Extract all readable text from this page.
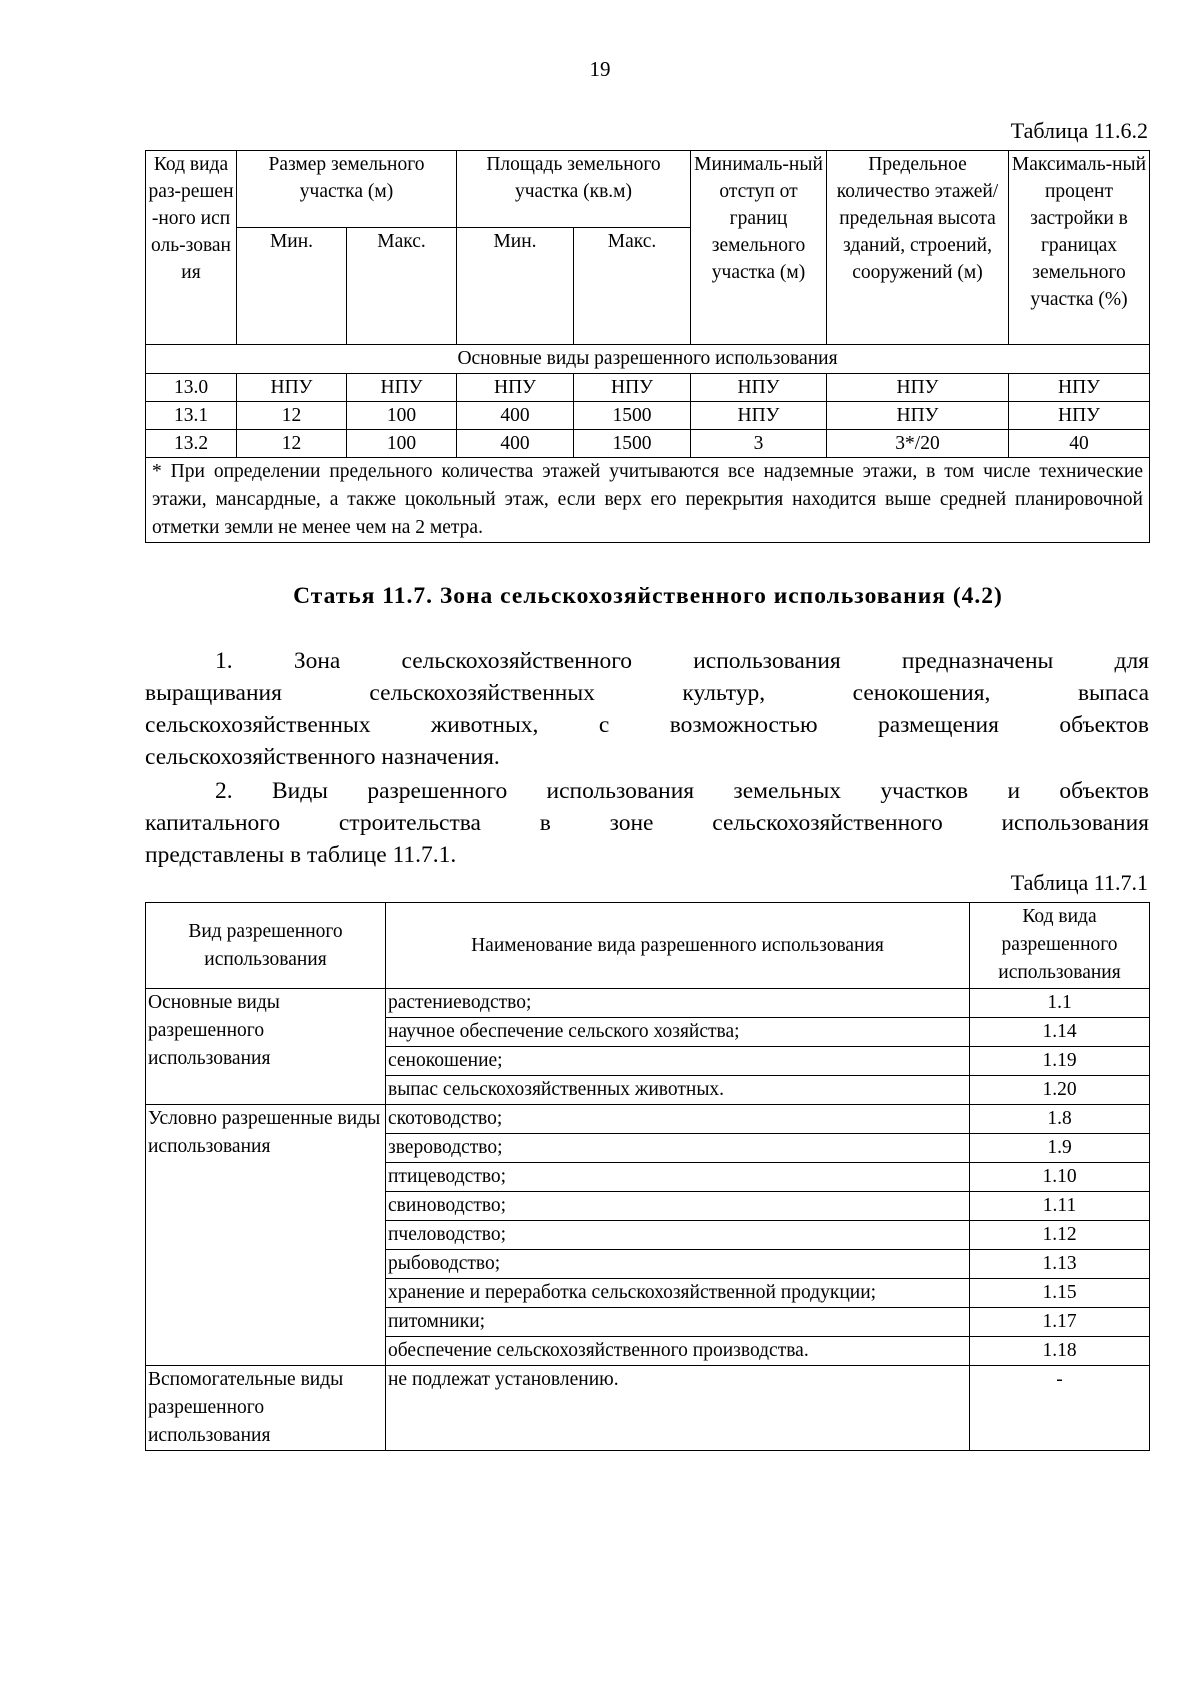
19
Таблица 11.6.2
Код вида раз-решен-ного исполь-зования	Размер земельного участка (м)		Площадь земельного участка (кв.м)		Минималь-ный отступ от границ земельного участка (м)	Предельное количество этажей/ предельная высота зданий, строений, сооружений (м)	Максималь-ный процент застройки в границах земельного участка (%)
	Мин.	Макс.	Мин.	Макс.			
Основные виды разрешенного использования							
13.0	НПУ	НПУ	НПУ	НПУ	НПУ	НПУ	НПУ
13.1	12	100	400	1500	НПУ	НПУ	НПУ
13.2	12	100	400	1500	3	3*/20	40
* При определении предельного количества этажей учитываются все надземные этажи, в том числе технические этажи, мансардные, а также цокольный этаж, если верх его перекрытия находится выше средней планировочной отметки земли не менее чем на 2 метра.							
Статья 11.7. Зона сельскохозяйственного использования (4.2)
1. Зона сельскохозяйственного использования предназначены для
выращивания сельскохозяйственных культур, сенокошения, выпаса
сельскохозяйственных животных, с возможностью размещения объектов
сельскохозяйственного назначения.
2. Виды разрешенного использования земельных участков и объектов
капитального строительства в зоне сельскохозяйственного использования
представлены в таблице 11.7.1.
Таблица 11.7.1
Вид разрешенного использования	Наименование вида разрешенного использования	Код вида разрешенного использования
Основные виды разрешенного использования	растениеводство;	1.1
	научное обеспечение сельского хозяйства;	1.14
	сенокошение;	1.19
	выпас сельскохозяйственных животных.	1.20
Условно разрешенные виды использования	скотоводство;	1.8
	звероводство;	1.9
	птицеводство;	1.10
	свиноводство;	1.11
	пчеловодство;	1.12
	рыбоводство;	1.13
	хранение и переработка сельскохозяйственной продукции;	1.15
	питомники;	1.17
	обеспечение сельскохозяйственного производства.	1.18
Вспомогательные виды разрешенного использования	не подлежат установлению.	-
